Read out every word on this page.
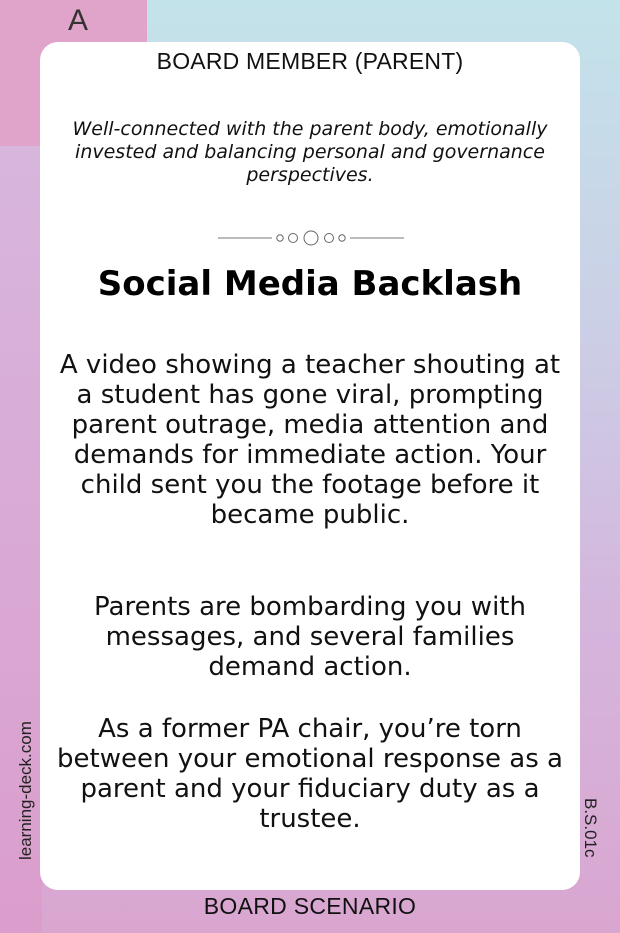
A
BOARD MEMBER (PARENT)
Well-connected with the parent body, emotionally invested and balancing personal and governance perspectives.
Social Media Backlash
A video showing a teacher shouting at a student has gone viral, prompting parent outrage, media attention and demands for immediate action. Your child sent you the footage before it became public.
Parents are bombarding you with messages, and several families demand action.
As a former PA chair, you’re torn between your emotional response as a parent and your fiduciary duty as a trustee.
learning-deck.com	B.S.01c
BOARD SCENARIO
